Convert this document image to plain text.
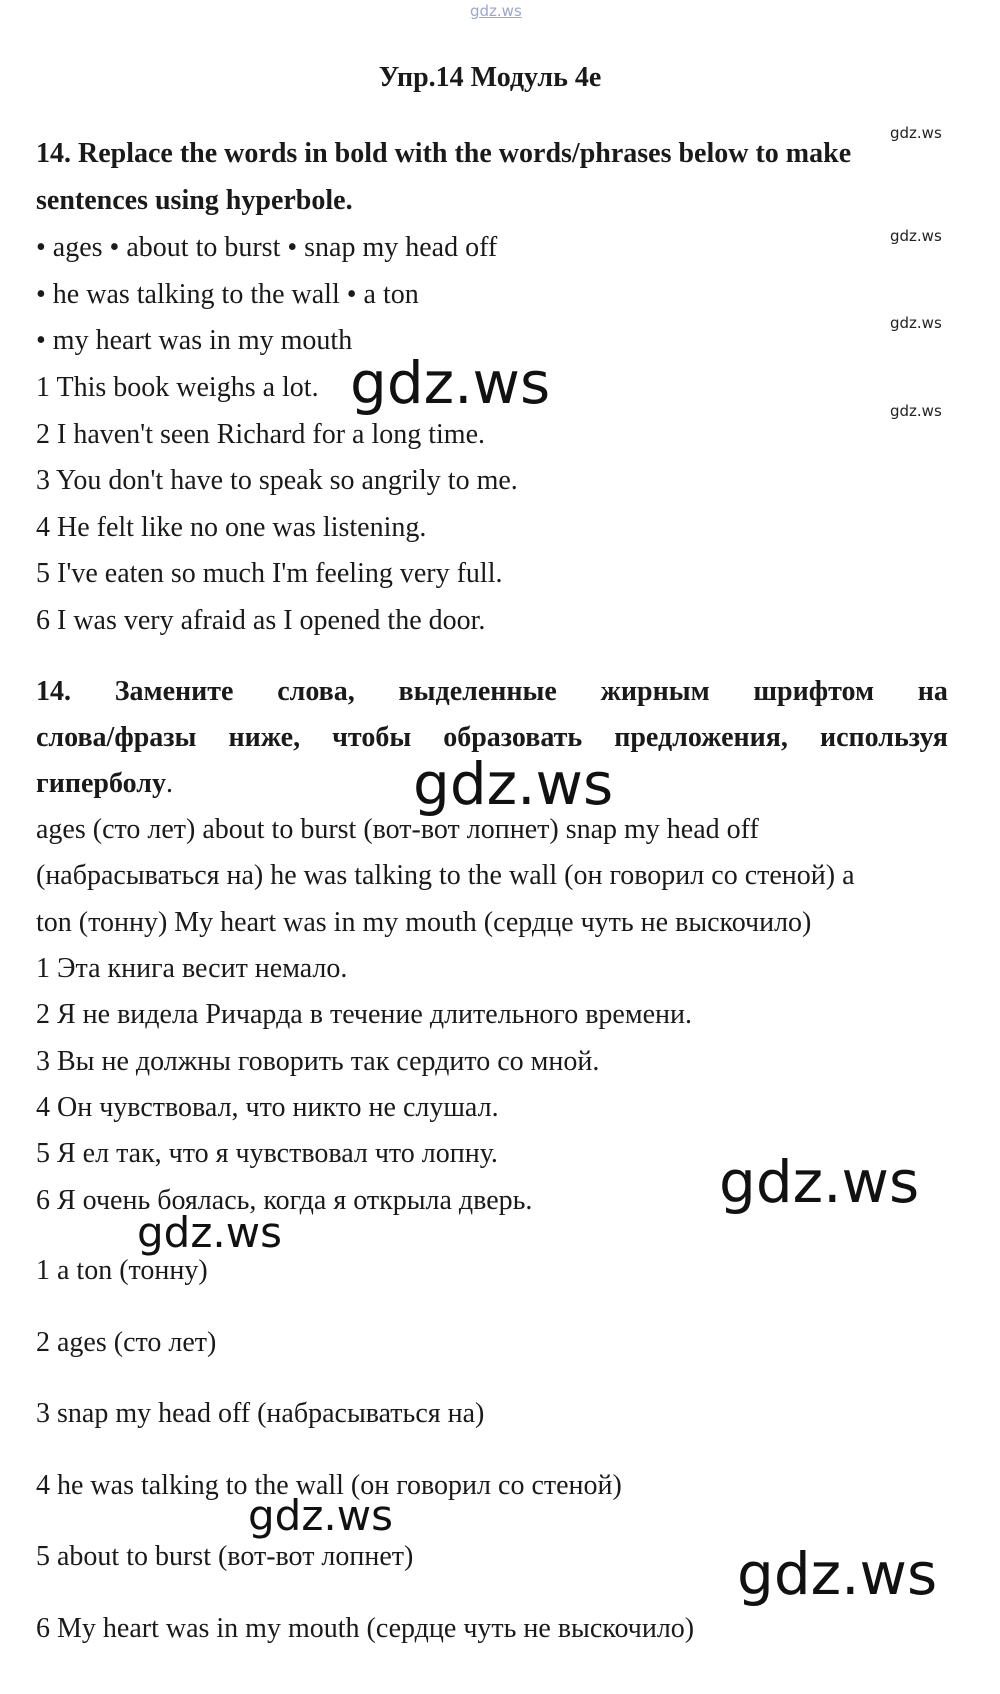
gdz.ws
Упр.14 Модуль 4e
gdz.ws
14. Replace the words in bold with the words/phrases below to make
sentences using hyperbole.
gdz.ws
• ages • about to burst • snap my head off
• he was talking to the wall • a ton
gdz.ws
• my heart was in my mouth
1 This book weighs a lot. gdz.ws	gdz.ws
2 I haven't seen Richard for a long time.
3 You don't have to speak so angrily to me.
4 He felt like no one was listening.
5 I've eaten so much I'm feeling very full.
6 I was very afraid as I opened the door.
14. Замените слова, выделенные жирным шрифтом на
слова/фразы ниже, чтобы образовать предложения, используя
гиперболу.	gdz.ws
ages (сто лет) about to burst (вот-вот лопнет) snap my head off
(набрасываться на) he was talking to the wall (он говорил со стеной) a
ton (тонну) My heart was in my mouth (сердце чуть не выскочило)
1 Эта книга весит немало.
2 Я не видела Ричарда в течение длительного времени.
3 Вы не должны говорить так сердито со мной.
4 Он чувствовал, что никто не слушал.
5 Я ел так, что я чувствовал что лопну.
6 Я очень боялась, когда я открыла дверь.	gdz.ws
gdz.ws
1 a ton (тонну)
2 ages (сто лет)
3 snap my head off (набрасываться на)
4 he was talking to the wall (он говорил со стеной)
gdz.ws
5 about to burst (вот-вот лопнет)	gdz.ws
6 My heart was in my mouth (сердце чуть не выскочило)
